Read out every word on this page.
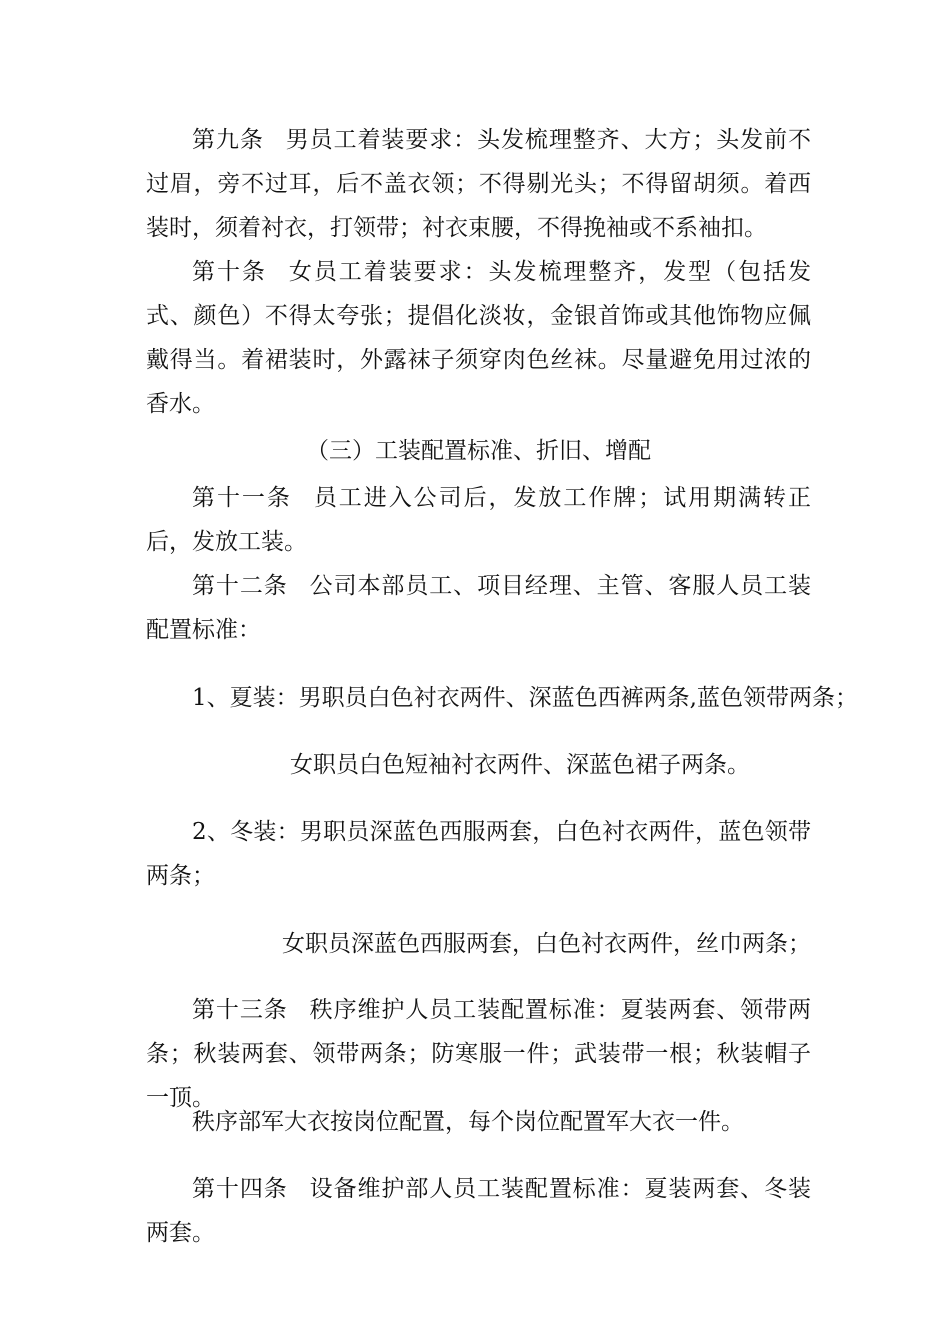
第九条 男员工着装要求：头发梳理整齐、大方；头发前不过眉，旁不过耳，后不盖衣领；不得剔光头；不得留胡须。着西装时，须着衬衣，打领带；衬衣束腰，不得挽袖或不系袖扣。

第十条 女员工着装要求：头发梳理整齐，发型（包括发式、颜色）不得太夸张；提倡化淡妆，金银首饰或其他饰物应佩戴得当。着裙装时，外露袜子须穿肉色丝袜。尽量避免用过浓的香水。

（三）工装配置标准、折旧、增配

第十一条 员工进入公司后，发放工作牌；试用期满转正后，发放工装。

第十二条 公司本部员工、项目经理、主管、客服人员工装配置标准：

1、夏装：男职员白色衬衣两件、深蓝色西裤两条,蓝色领带两条；

女职员白色短袖衬衣两件、深蓝色裙子两条。

2、冬装：男职员深蓝色西服两套，白色衬衣两件，蓝色领带两条；

女职员深蓝色西服两套，白色衬衣两件，丝巾两条；

第十三条 秩序维护人员工装配置标准：夏装两套、领带两条；秋装两套、领带两条；防寒服一件；武装带一根；秋装帽子一顶。

秩序部军大衣按岗位配置，每个岗位配置军大衣一件。

第十四条 设备维护部人员工装配置标准：夏装两套、冬装两套。
